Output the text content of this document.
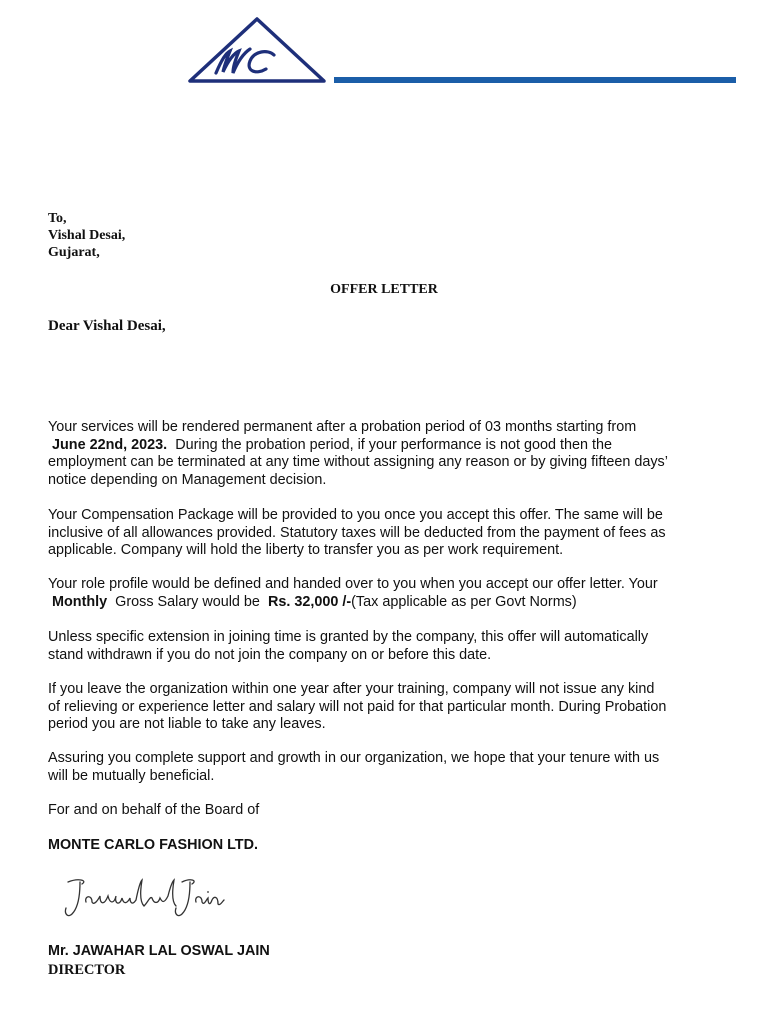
To,
Vishal Desai,
Gujarat,
OFFER LETTER
Dear Vishal Desai,

Your services will be rendered permanent after a probation period of 03 months starting from

June 22nd, 2023. During the probation period, if your performance is not good then the

employment can be terminated at any time without assigning any reason or by giving fifteen days’

notice depending on Management decision.

Your Compensation Package will be provided to you once you accept this offer. The same will be

inclusive of all allowances provided. Statutory taxes will be deducted from the payment of fees as

applicable. Company will hold the liberty to transfer you as per work requirement.

Your role profile would be defined and handed over to you when you accept our offer letter. Your

Monthly Gross Salary would be Rs. 32,000 /-(Tax applicable as per Govt Norms)

Unless specific extension in joining time is granted by the company, this offer will automatically

stand withdrawn if you do not join the company on or before this date.

If you leave the organization within one year after your training, company will not issue any kind

of relieving or experience letter and salary will not paid for that particular month. During Probation

period you are not liable to take any leaves.

Assuring you complete support and growth in our organization, we hope that your tenure with us

will be mutually beneficial.

For and on behalf of the Board of
MONTE CARLO FASHION LTD.
Mr. JAWAHAR LAL OSWAL JAIN
DIRECTOR
